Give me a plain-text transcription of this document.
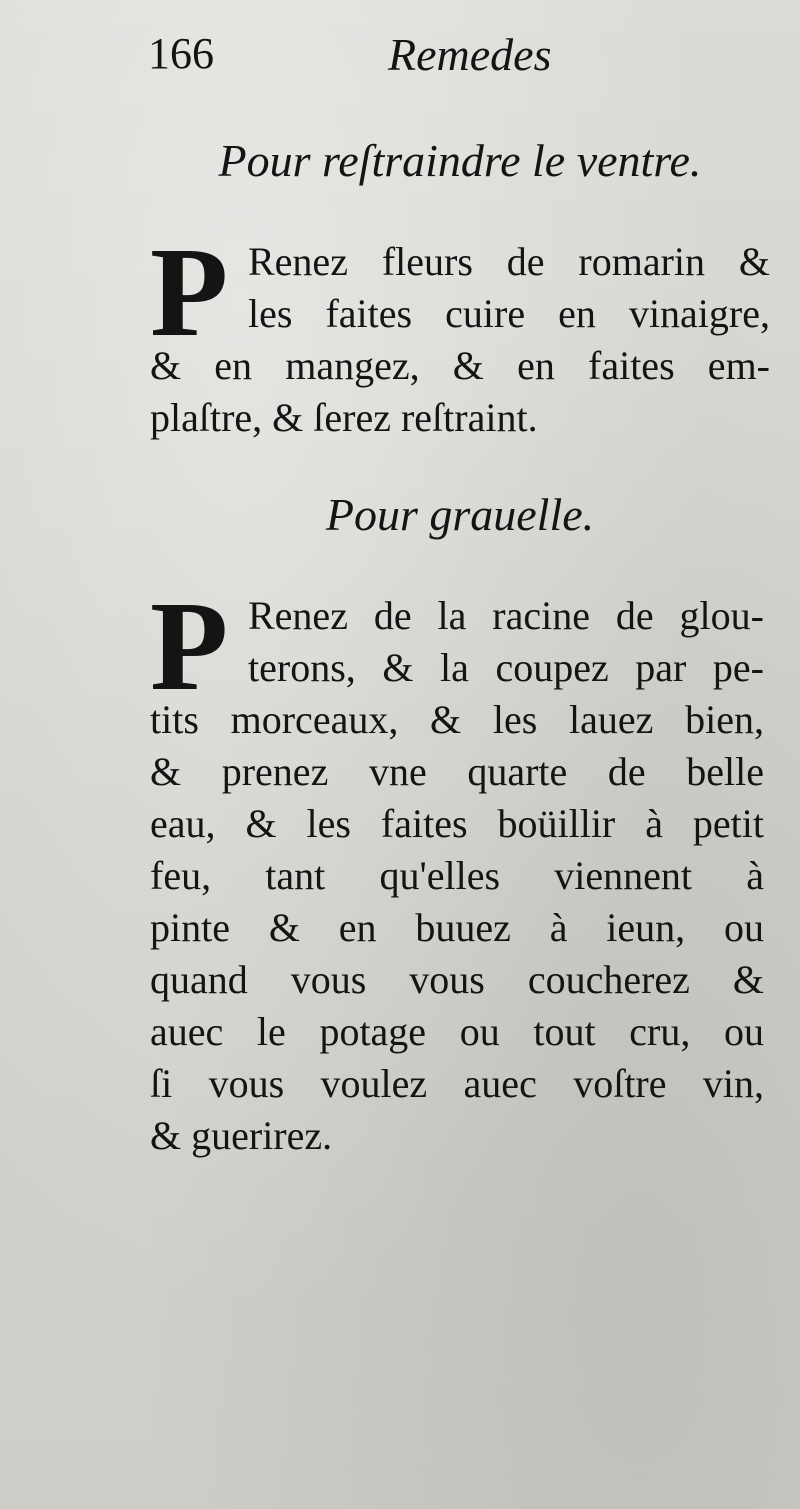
166	Remedes
Pour reſtraindre le ventre.
P Renez fleurs de romarin &
les faites cuire en vinaigre,
& en mangez, & en faites em-
plaſtre, & ſerez reſtraint.
Pour grauelle.
P Renez de la racine de glou-
terons, & la coupez par pe-
tits morceaux, & les lauez bien,
& prenez vne quarte de belle
eau, & les faites boüillir à petit
feu, tant qu'elles viennent à
pinte & en buuez à ieun, ou
quand vous vous coucherez &
auec le potage ou tout cru, ou
ſi vous voulez auec voſtre vin,
& guerirez.
